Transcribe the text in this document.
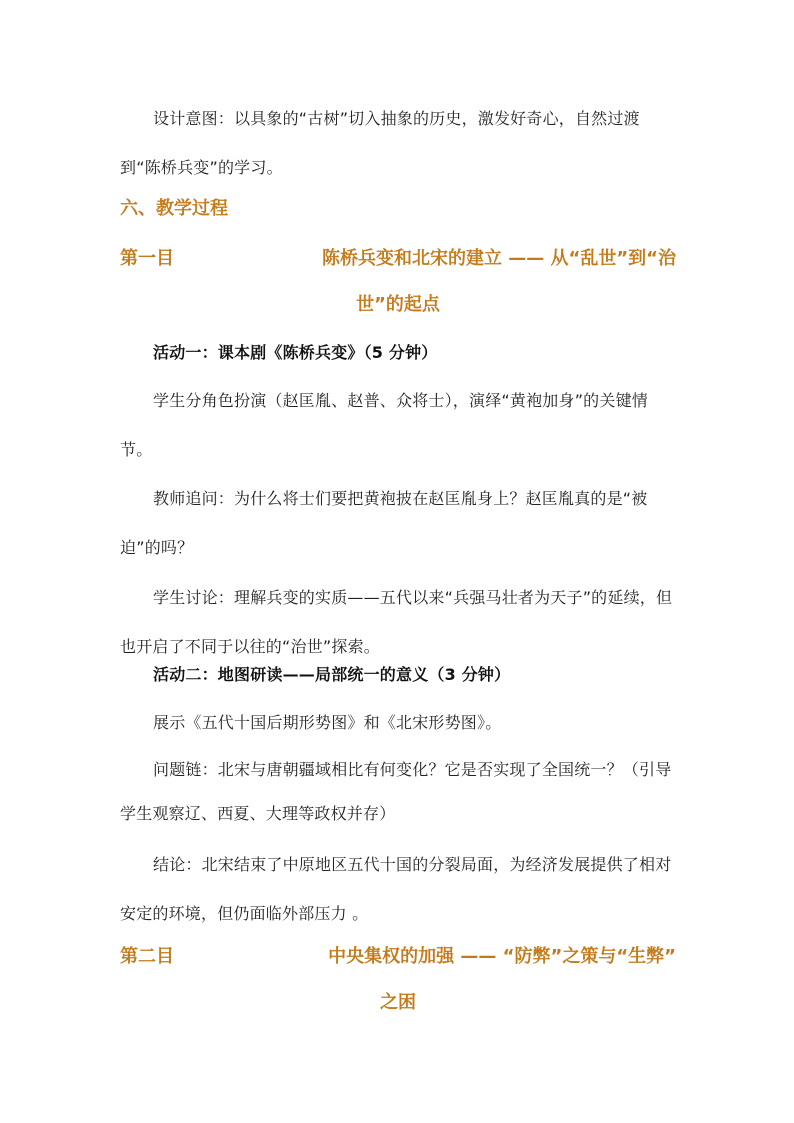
设计意图：以具象的“古树”切入抽象的历史，激发好奇心，自然过渡到“陈桥兵变”的学习。

六、教学过程
第一目	陈桥兵变和北宋的建立 —— 从“乱世”到“治
世”的起点

活动一：课本剧《陈桥兵变》（5 分钟）

学生分角色扮演（赵匡胤、赵普、众将士），演绎“黄袍加身”的关键情节。

教师追问：为什么将士们要把黄袍披在赵匡胤身上？赵匡胤真的是“被迫”的吗？

学生讨论：理解兵变的实质——五代以来“兵强马壮者为天子”的延续，但也开启了不同于以往的“治世”探索。

活动二：地图研读——局部统一的意义（3 分钟）

展示《五代十国后期形势图》和《北宋形势图》。

问题链：北宋与唐朝疆域相比有何变化？它是否实现了全国统一？（引导学生观察辽、西夏、大理等政权并存）

结论：北宋结束了中原地区五代十国的分裂局面，为经济发展提供了相对安定的环境，但仍面临外部压力 。

第二目	中央集权的加强 —— “防弊”之策与“生弊”
之困
